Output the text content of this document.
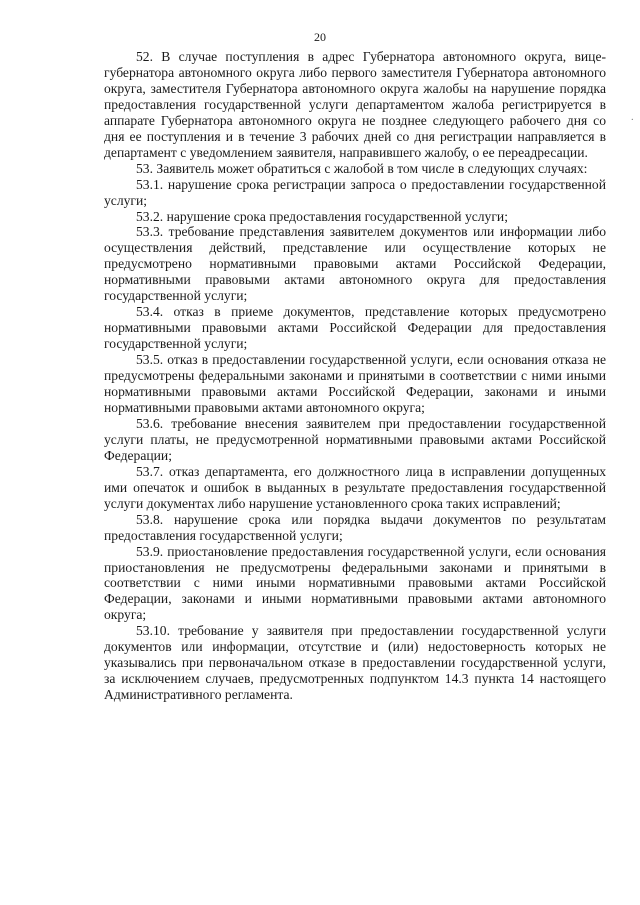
20

52. В случае поступления в адрес Губернатора автономного округа, вице-губернатора автономного округа либо первого заместителя Губернатора автономного округа, заместителя Губернатора автономного округа жалобы на нарушение порядка предоставления государственной услуги департаментом жалоба регистрируется в аппарате Губернатора автономного округа не позднее следующего рабочего дня со дня ее поступления и в течение 3 рабочих дней со дня регистрации направляется в департамент с уведомлением заявителя, направившего жалобу, о ее переадресации.

53. Заявитель может обратиться с жалобой в том числе в следующих случаях:

53.1. нарушение срока регистрации запроса о предоставлении государственной услуги;

53.2. нарушение срока предоставления государственной услуги;

53.3. требование представления заявителем документов или информации либо осуществления действий, представление или осуществление которых не предусмотрено нормативными правовыми актами Российской Федерации, нормативными правовыми актами автономного округа для предоставления государственной услуги;

53.4. отказ в приеме документов, представление которых предусмотрено нормативными правовыми актами Российской Федерации для предоставления государственной услуги;

53.5. отказ в предоставлении государственной услуги, если основания отказа не предусмотрены федеральными законами и принятыми в соответствии с ними иными нормативными правовыми актами Российской Федерации, законами и иными нормативными правовыми актами автономного округа;

53.6. требование внесения заявителем при предоставлении государственной услуги платы, не предусмотренной нормативными правовыми актами Российской Федерации;

53.7. отказ департамента, его должностного лица в исправлении допущенных ими опечаток и ошибок в выданных в результате предоставления государственной услуги документах либо нарушение установленного срока таких исправлений;

53.8. нарушение срока или порядка выдачи документов по результатам предоставления государственной услуги;

53.9. приостановление предоставления государственной услуги, если основания приостановления не предусмотрены федеральными законами и принятыми в соответствии с ними иными нормативными правовыми актами Российской Федерации, законами и иными нормативными правовыми актами автономного округа;

53.10. требование у заявителя при предоставлении государственной услуги документов или информации, отсутствие и (или) недостоверность которых не указывались при первоначальном отказе в предоставлении государственной услуги, за исключением случаев, предусмотренных подпунктом 14.3 пункта 14 настоящего Административного регламента.

·
